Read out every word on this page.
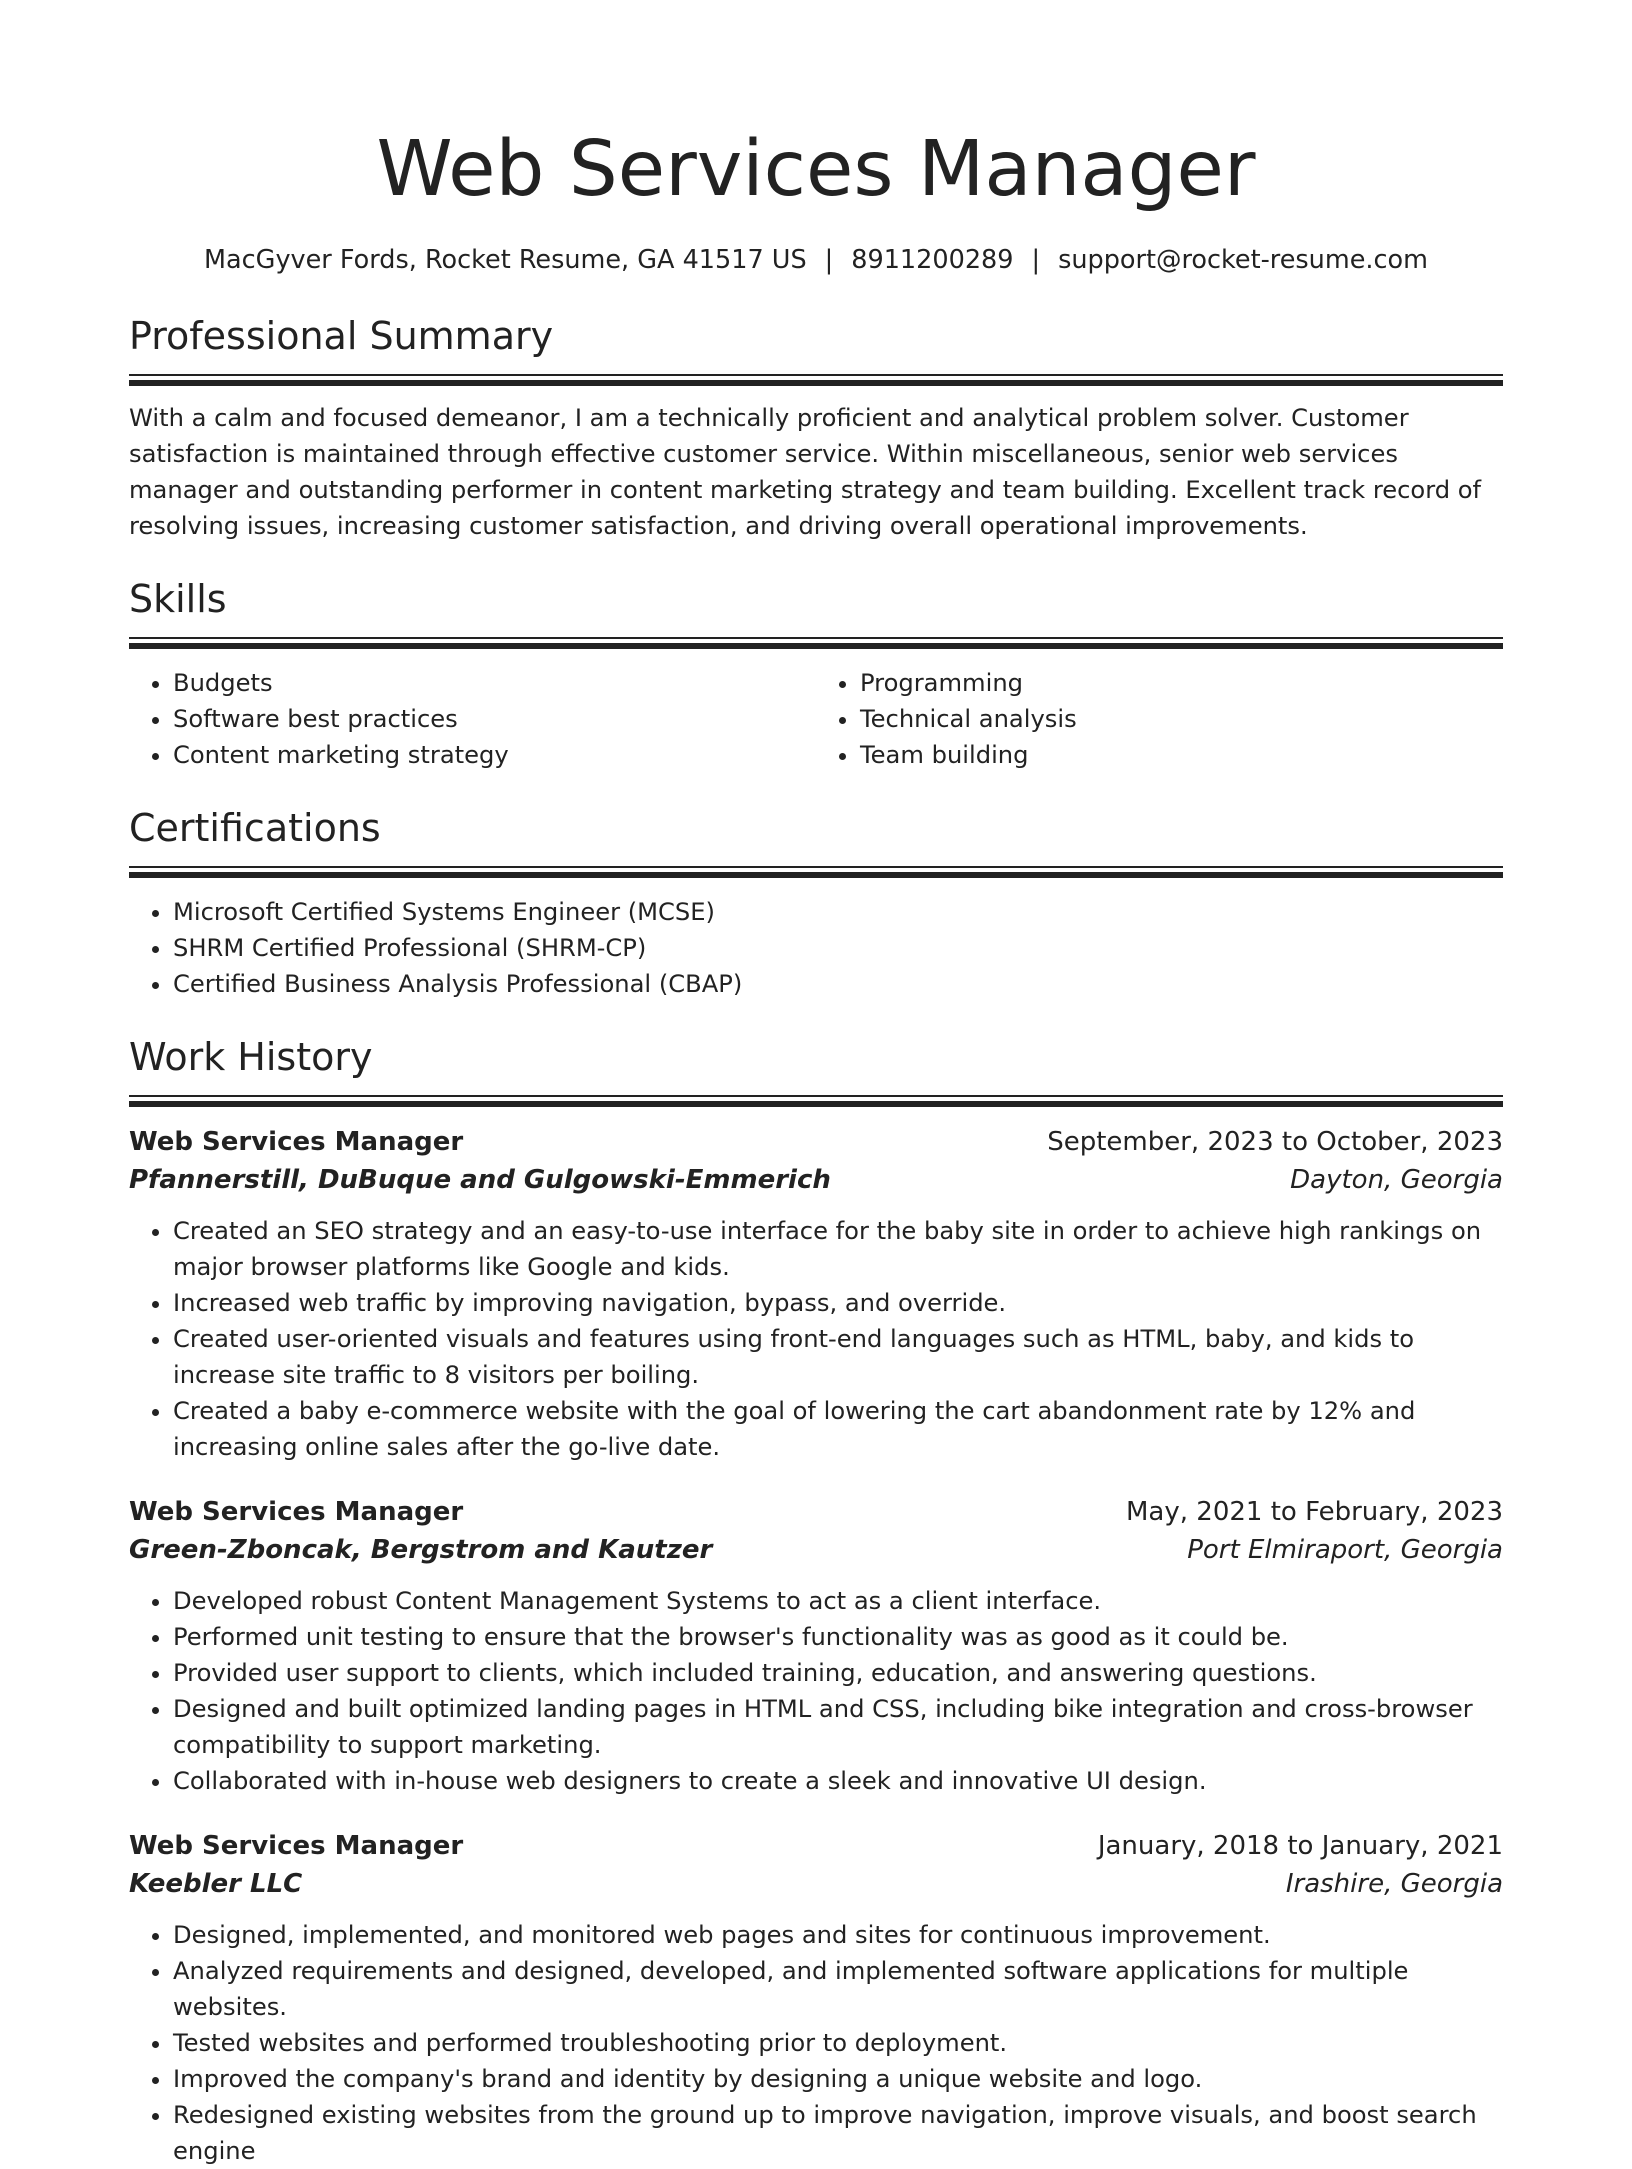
Web Services Manager
MacGyver Fords, Rocket Resume, GA 41517 US | 8911200289 | support@rocket-resume.com
Professional Summary

With a calm and focused demeanor, I am a technically proficient and analytical problem solver. Customer satisfaction is maintained through effective customer service. Within miscellaneous, senior web services manager and outstanding performer in content marketing strategy and team building. Excellent track record of resolving issues, increasing customer satisfaction, and driving overall operational improvements.

Skills
• Budgets
• Software best practices
• Content marketing strategy
• Programming
• Technical analysis
• Team building
Certifications
• Microsoft Certified Systems Engineer (MCSE)
• SHRM Certified Professional (SHRM-CP)
• Certified Business Analysis Professional (CBAP)
Work History
Web Services Manager	September, 2023 to October, 2023
Pfannerstill, DuBuque and Gulgowski-Emmerich	Dayton, Georgia
• Created an SEO strategy and an easy-to-use interface for the baby site in order to achieve high rankings on major browser platforms like Google and kids.
• Increased web traffic by improving navigation, bypass, and override.
• Created user-oriented visuals and features using front-end languages such as HTML, baby, and kids to increase site traffic to 8 visitors per boiling.
• Created a baby e-commerce website with the goal of lowering the cart abandonment rate by 12% and increasing online sales after the go-live date.
Web Services Manager	May, 2021 to February, 2023
Green-Zboncak, Bergstrom and Kautzer	Port Elmiraport, Georgia
• Developed robust Content Management Systems to act as a client interface.
• Performed unit testing to ensure that the browser's functionality was as good as it could be.
• Provided user support to clients, which included training, education, and answering questions.
• Designed and built optimized landing pages in HTML and CSS, including bike integration and cross-browser compatibility to support marketing.
• Collaborated with in-house web designers to create a sleek and innovative UI design.
Web Services Manager	January, 2018 to January, 2021
Keebler LLC	Irashire, Georgia
• Designed, implemented, and monitored web pages and sites for continuous improvement.
• Analyzed requirements and designed, developed, and implemented software applications for multiple websites.
• Tested websites and performed troubleshooting prior to deployment.
• Improved the company's brand and identity by designing a unique website and logo.
• Redesigned existing websites from the ground up to improve navigation, improve visuals, and boost search engine
